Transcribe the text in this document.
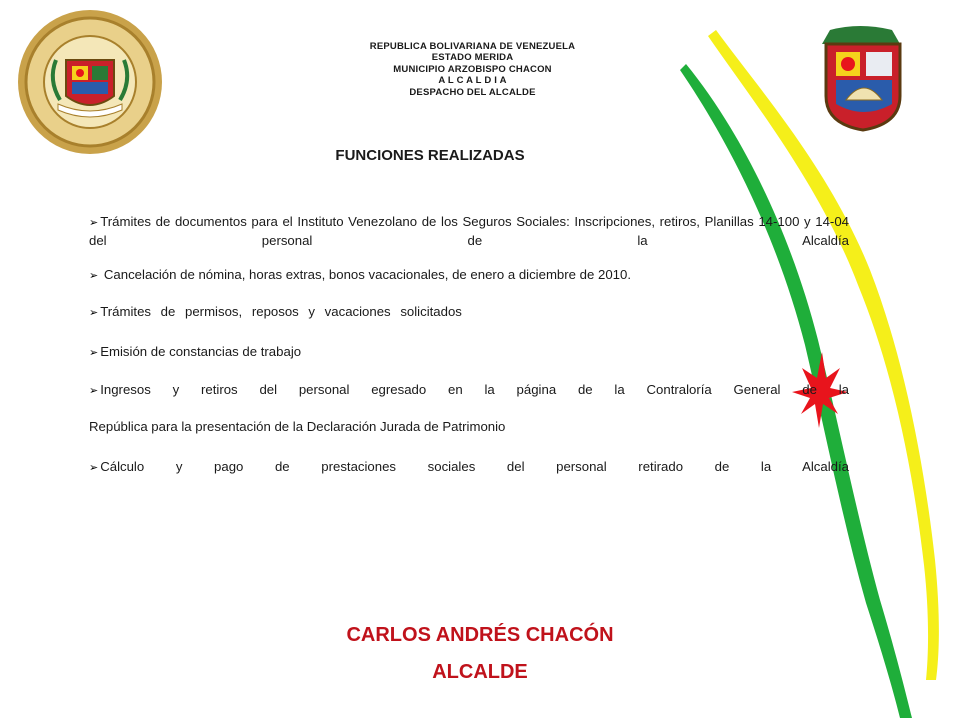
REPUBLICA BOLIVARIANA DE VENEZUELA
ESTADO MERIDA
MUNICIPIO ARZOBISPO CHACON
A L C A L D I A
DESPACHO DEL ALCALDE
FUNCIONES REALIZADAS
➢ Trámites de documentos para el Instituto Venezolano de los Seguros Sociales: Inscripciones, retiros, Planillas 14-100 y 14-04 del personal de la Alcaldía
➢ Cancelación de nómina, horas extras, bonos vacacionales, de enero a diciembre de 2010.
➢ Trámites de permisos, reposos y vacaciones solicitados
➢ Emisión de constancias de trabajo
➢ Ingresos y retiros del personal egresado en la página de la Contraloría General de la
República para la presentación de la Declaración Jurada de Patrimonio
➢ Cálculo y pago de prestaciones sociales del personal retirado de la Alcaldía
CARLOS ANDRÉS CHACÓN
ALCALDE
